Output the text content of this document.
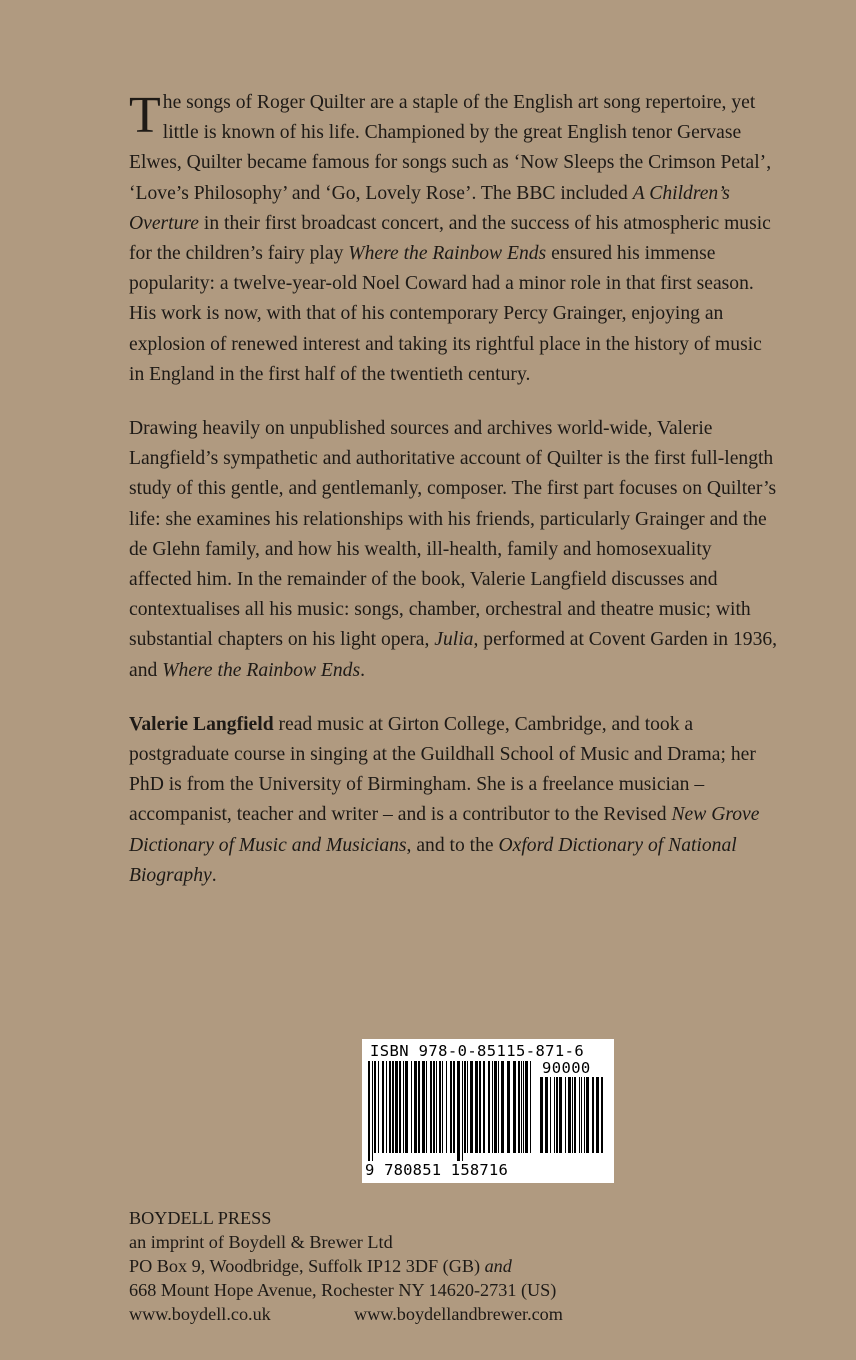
The songs of Roger Quilter are a staple of the English art song repertoire, yet little is known of his life. Championed by the great English tenor Gervase Elwes, Quilter became famous for songs such as ‘Now Sleeps the Crimson Petal’, ‘Love’s Philosophy’ and ‘Go, Lovely Rose’. The BBC included A Children’s Overture in their first broadcast concert, and the success of his atmospheric music for the children’s fairy play Where the Rainbow Ends ensured his immense popularity: a twelve-year-old Noel Coward had a minor role in that first season. His work is now, with that of his contemporary Percy Grainger, enjoying an explosion of renewed interest and taking its rightful place in the history of music in England in the first half of the twentieth century.

Drawing heavily on unpublished sources and archives world-wide, Valerie Langfield’s sympathetic and authoritative account of Quilter is the first full-length study of this gentle, and gentlemanly, composer. The first part focuses on Quilter’s life: she examines his relationships with his friends, particularly Grainger and the de Glehn family, and how his wealth, ill-health, family and homosexuality affected him. In the remainder of the book, Valerie Langfield discusses and contextualises all his music: songs, chamber, orchestral and theatre music; with substantial chapters on his light opera, Julia, performed at Covent Garden in 1936, and Where the Rainbow Ends.

Valerie Langfield read music at Girton College, Cambridge, and took a postgraduate course in singing at the Guildhall School of Music and Drama; her PhD is from the University of Birmingham. She is a freelance musician – accompanist, teacher and writer – and is a contributor to the Revised New Grove Dictionary of Music and Musicians, and to the Oxford Dictionary of National Biography.

ISBN 978-0-85115-871-6
90000
9 780851 158716
BOYDELL PRESS
an imprint of Boydell & Brewer Ltd
PO Box 9, Woodbridge, Suffolk IP12 3DF (GB) and
668 Mount Hope Avenue, Rochester NY 14620-2731 (US)
www.boydell.co.uk	www.boydellandbrewer.com
